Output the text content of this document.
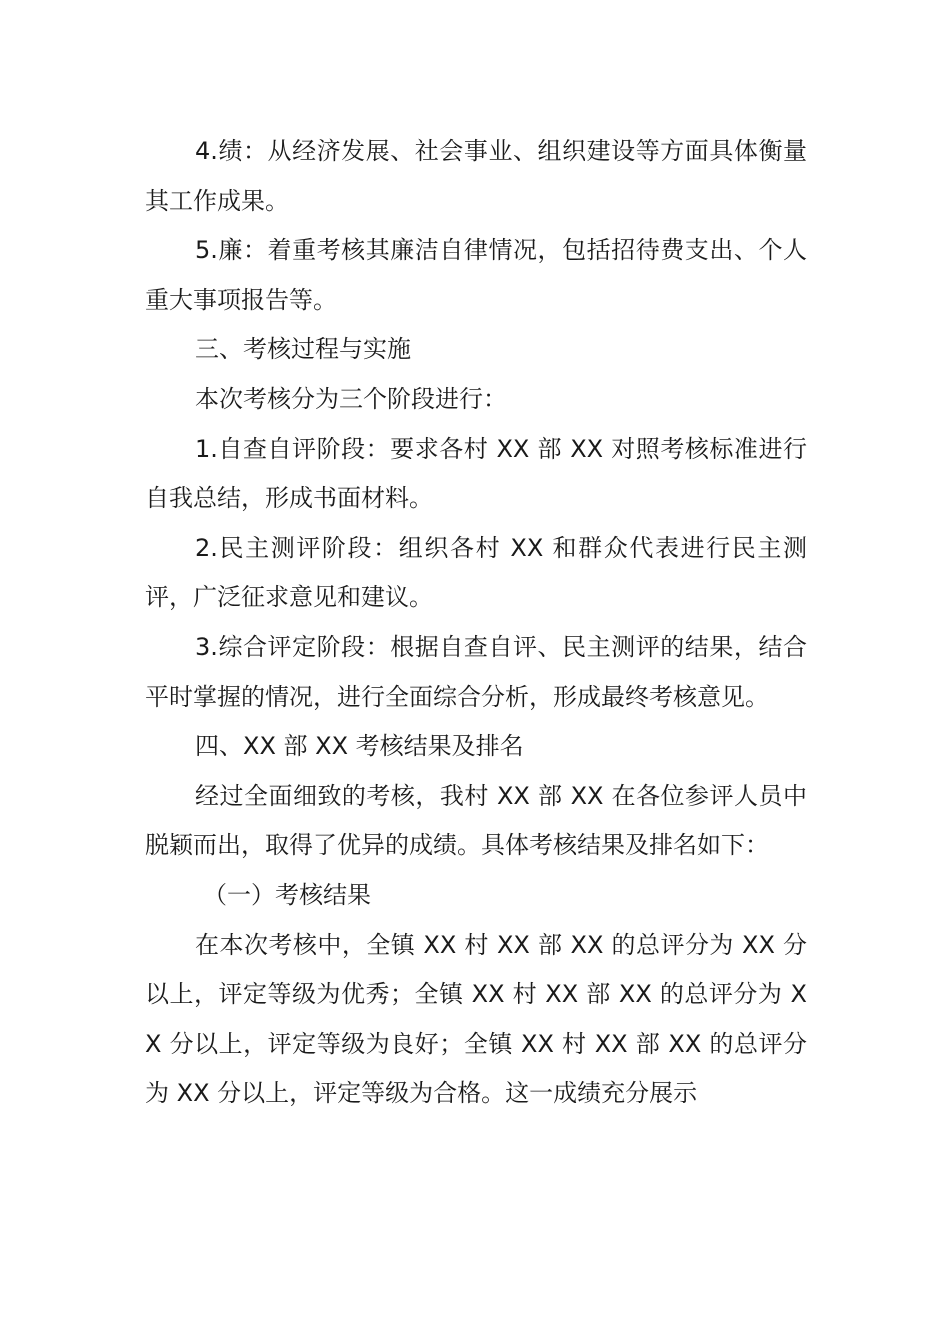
4.绩：从经济发展、社会事业、组织建设等方面具体衡量其工作成果。

5.廉：着重考核其廉洁自律情况，包括招待费支出、个人重大事项报告等。

三、考核过程与实施

本次考核分为三个阶段进行：

1.自查自评阶段：要求各村 XX 部 XX 对照考核标准进行自我总结，形成书面材料。

2.民主测评阶段：组织各村 XX 和群众代表进行民主测评，广泛征求意见和建议。

3.综合评定阶段：根据自查自评、民主测评的结果，结合平时掌握的情况，进行全面综合分析，形成最终考核意见。

四、XX 部 XX 考核结果及排名

经过全面细致的考核，我村 XX 部 XX 在各位参评人员中脱颖而出，取得了优异的成绩。具体考核结果及排名如下：

（一）考核结果

在本次考核中，全镇 XX 村 XX 部 XX 的总评分为 XX 分以上，评定等级为优秀；全镇 XX 村 XX 部 XX 的总评分为 XX 分以上，评定等级为良好；全镇 XX 村 XX 部 XX 的总评分为 XX 分以上，评定等级为合格。这一成绩充分展示
